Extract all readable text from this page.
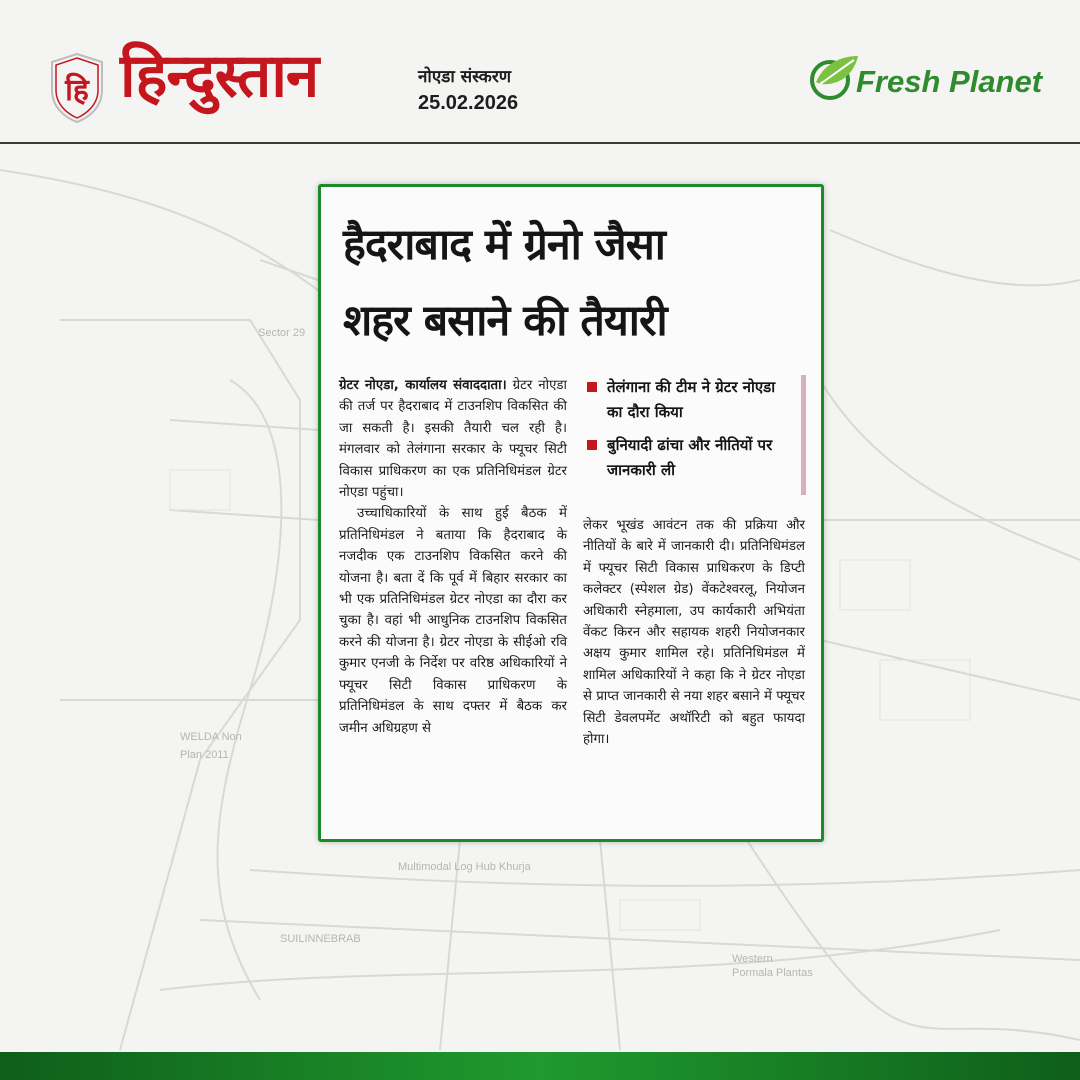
Sector 29
Multimodal Log Hub Khurja
WELDA Non
Plan 2011
SUILINNEBRAB
Western
Pormala Plantas
हि हिन्दुस्तान	नोएडा संस्करण
25.02.2026
Fresh Planet
हैदराबाद में ग्रेनो जैसा
शहर बसाने की तैयारी

ग्रेटर नोएडा, कार्यालय संवाददाता। ग्रेटर नोएडा की तर्ज पर हैदराबाद में टाउनशिप विकसित की जा सकती है। इसकी तैयारी चल रही है। मंगलवार को तेलंगाना सरकार के फ्यूचर सिटी विकास प्राधिकरण का एक प्रतिनिधिमंडल ग्रेटर नोएडा पहुंचा।

उच्चाधिकारियों के साथ हुई बैठक में प्रतिनिधिमंडल ने बताया कि हैदराबाद के नजदीक एक टाउनशिप विकसित करने की योजना है। बता दें कि पूर्व में बिहार सरकार का भी एक प्रतिनिधिमंडल ग्रेटर नोएडा का दौरा कर चुका है। वहां भी आधुनिक टाउनशिप विकसित करने की योजना है। ग्रेटर नोएडा के सीईओ रवि कुमार एनजी के निर्देश पर वरिष्ठ अधिकारियों ने फ्यूचर सिटी विकास प्राधिकरण के प्रतिनिधिमंडल के साथ दफ्तर में बैठक कर जमीन अधिग्रहण से

तेलंगाना की टीम ने ग्रेटर नोएडा का दौरा किया
बुनियादी ढांचा और नीतियों पर जानकारी ली

लेकर भूखंड आवंटन तक की प्रक्रिया और नीतियों के बारे में जानकारी दी। प्रतिनिधिमंडल में फ्यूचर सिटी विकास प्राधिकरण के डिप्टी कलेक्टर (स्पेशल ग्रेड) वेंकटेश्वरलू, नियोजन अधिकारी स्नेहमाला, उप कार्यकारी अभियंता वेंकट किरन और सहायक शहरी नियोजनकार अक्षय कुमार शामिल रहे। प्रतिनिधिमंडल में शामिल अधिकारियों ने कहा कि ने ग्रेटर नोएडा से प्राप्त जानकारी से नया शहर बसाने में फ्यूचर सिटी डेवलपमेंट अथॉरिटी को बहुत फायदा होगा।
